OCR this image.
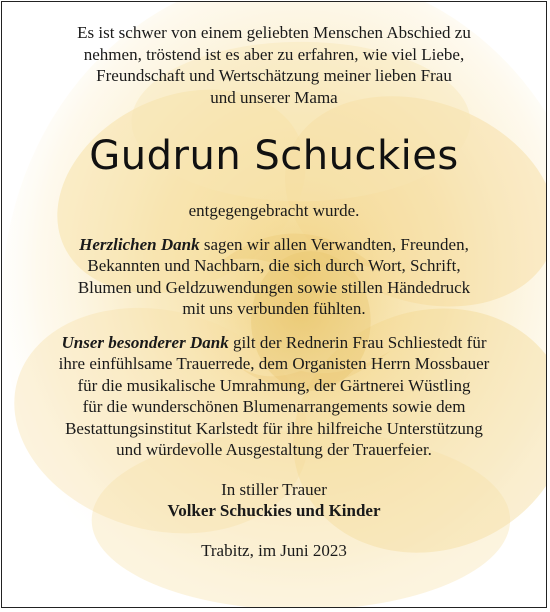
Es ist schwer von einem geliebten Menschen Abschied zu
nehmen, tröstend ist es aber zu erfahren, wie viel Liebe,
Freundschaft und Wertschätzung meiner lieben Frau
und unserer Mama

Gudrun Schuckies

entgegengebracht wurde.

Herzlichen Dank sagen wir allen Verwandten, Freunden,
Bekannten und Nachbarn, die sich durch Wort, Schrift,
Blumen und Geldzuwendungen sowie stillen Händedruck
mit uns verbunden fühlten.

Unser besonderer Dank gilt der Rednerin Frau Schliestedt für
ihre einfühlsame Trauerrede, dem Organisten Herrn Mossbauer
für die musikalische Umrahmung, der Gärtnerei Wüstling
für die wunderschönen Blumenarrangements sowie dem
Bestattungsinstitut Karlstedt für ihre hilfreiche Unterstützung
und würdevolle Ausgestaltung der Trauerfeier.

In stiller Trauer

Volker Schuckies und Kinder

Trabitz, im Juni 2023
